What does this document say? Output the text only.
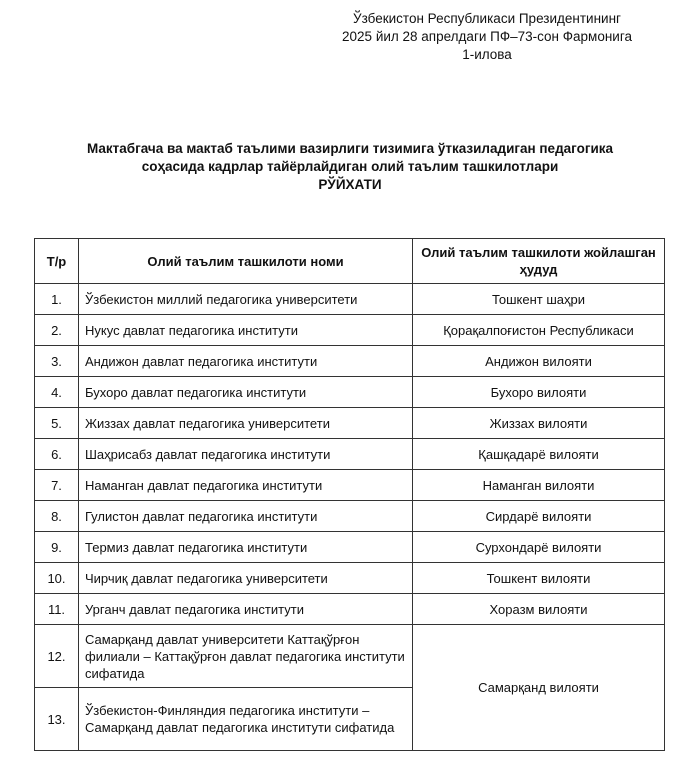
Ўзбекистон Республикаси Президентининг
2025 йил 28 апрелдаги ПФ–73-сон Фармонига
1-илова
Мактабгача ва мактаб таълими вазирлиги тизимига ўтказиладиган педагогика
соҳасида кадрлар тайёрлайдиган олий таълим ташкилотлари
РЎЙХАТИ
Т/р	Олий таълим ташкилоти номи	Олий таълим ташкилоти жойлашган ҳудуд
1.	Ўзбекистон миллий педагогика университети	Тошкент шаҳри
2.	Нукус давлат педагогика институти	Қорақалпоғистон Республикаси
3.	Андижон давлат педагогика институти	Андижон вилояти
4.	Бухоро давлат педагогика институти	Бухоро вилояти
5.	Жиззах давлат педагогика университети	Жиззах вилояти
6.	Шаҳрисабз давлат педагогика институти	Қашқадарё вилояти
7.	Наманган давлат педагогика институти	Наманган вилояти
8.	Гулистон давлат педагогика институти	Сирдарё вилояти
9.	Термиз давлат педагогика институти	Сурхондарё вилояти
10.	Чирчиқ давлат педагогика университети	Тошкент вилояти
11.	Урганч давлат педагогика институти	Хоразм вилояти
12.	Самарқанд давлат университети Каттақўрғон филиали – Каттақўрғон давлат педагогика институти сифатида	Самарқанд вилояти
13.	Ўзбекистон-Финляндия педагогика институти – Самарқанд давлат педагогика институти сифатида	
